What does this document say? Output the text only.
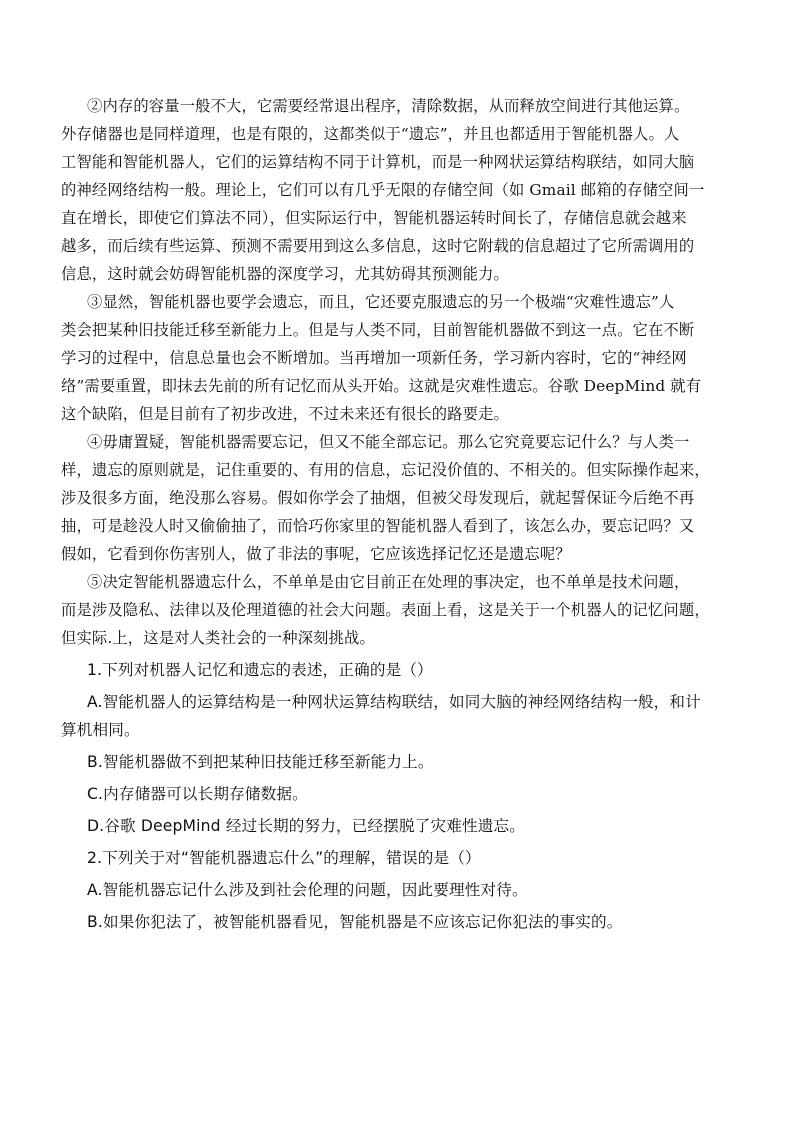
②内存的容量一般不大，它需要经常退出程序，清除数据，从而释放空间进行其他运算。
外存储器也是同样道理，也是有限的，这都类似于“遗忘”，并且也都适用于智能机器人。人
工智能和智能机器人，它们的运算结构不同于计算机，而是一种网状运算结构联结，如同大脑
的神经网络结构一般。理论上，它们可以有几乎无限的存储空间（如 Gmail 邮箱的存储空间一
直在增长，即使它们算法不同），但实际运行中，智能机器运转时间长了，存储信息就会越来
越多，而后续有些运算、预测不需要用到这么多信息，这时它附载的信息超过了它所需调用的
信息，这时就会妨碍智能机器的深度学习，尤其妨碍其预测能力。
③显然，智能机器也要学会遗忘，而且，它还要克服遗忘的另一个极端“灾难性遗忘”人
类会把某种旧技能迁移至新能力上。但是与人类不同，目前智能机器做不到这一点。它在不断
学习的过程中，信息总量也会不断增加。当再增加一项新任务，学习新内容时，它的“神经网
络”需要重置，即抹去先前的所有记忆而从头开始。这就是灾难性遗忘。谷歌 DeepMind 就有
这个缺陷，但是目前有了初步改进，不过未来还有很长的路要走。
④毋庸置疑，智能机器需要忘记，但又不能全部忘记。那么它究竟要忘记什么？与人类一
样，遗忘的原则就是，记住重要的、有用的信息，忘记没价值的、不相关的。但实际操作起来，
涉及很多方面，绝没那么容易。假如你学会了抽烟，但被父母发现后，就起誓保证今后绝不再
抽，可是趁没人时又偷偷抽了，而恰巧你家里的智能机器人看到了，该怎么办，要忘记吗？又
假如，它看到你伤害别人，做了非法的事呢，它应该选择记忆还是遗忘呢？
⑤决定智能机器遗忘什么，不单单是由它目前正在处理的事决定，也不单单是技术问题，
而是涉及隐私、法律以及伦理道德的社会大问题。表面上看，这是关于一个机器人的记忆问题，
但实际.上，这是对人类社会的一种深刻挑战。
1.下列对机器人记忆和遗忘的表述，正确的是（）
A.智能机器人的运算结构是一种网状运算结构联结，如同大脑的神经网络结构一般，和计
算机相同。
B.智能机器做不到把某种旧技能迁移至新能力上。
C.内存储器可以长期存储数据。
D.谷歌 DeepMind 经过长期的努力，已经摆脱了灾难性遗忘。
2.下列关于对“智能机器遗忘什么”的理解，错误的是（）
A.智能机器忘记什么涉及到社会伦理的问题，因此要理性对待。
B.如果你犯法了，被智能机器看见，智能机器是不应该忘记你犯法的事实的。
